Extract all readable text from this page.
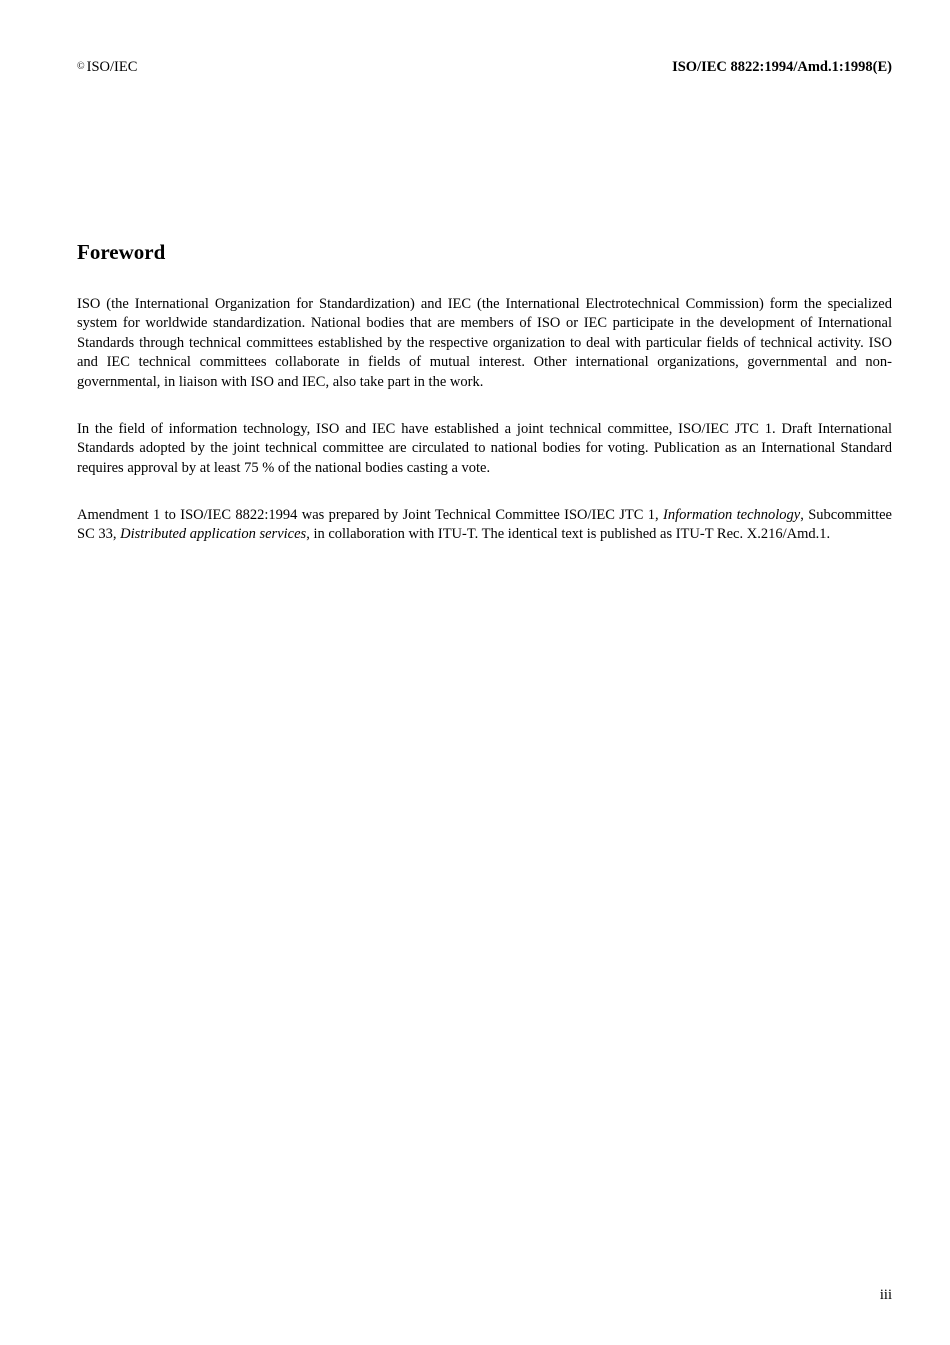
© ISO/IEC	ISO/IEC 8822:1994/Amd.1:1998(E)
Foreword

ISO (the International Organization for Standardization) and IEC (the International Electrotechnical Commission) form the specialized system for worldwide standardization. National bodies that are members of ISO or IEC participate in the development of International Standards through technical committees established by the respective organization to deal with particular fields of technical activity. ISO and IEC technical committees collaborate in fields of mutual interest. Other international organizations, governmental and non-governmental, in liaison with ISO and IEC, also take part in the work.

In the field of information technology, ISO and IEC have established a joint technical committee, ISO/IEC JTC 1. Draft International Standards adopted by the joint technical committee are circulated to national bodies for voting. Publication as an International Standard requires approval by at least 75 % of the national bodies casting a vote.

Amendment 1 to ISO/IEC 8822:1994 was prepared by Joint Technical Committee ISO/IEC JTC 1, Information technology, Subcommittee SC 33, Distributed application services, in collaboration with ITU-T. The identical text is published as ITU-T Rec. X.216/Amd.1.

iii
